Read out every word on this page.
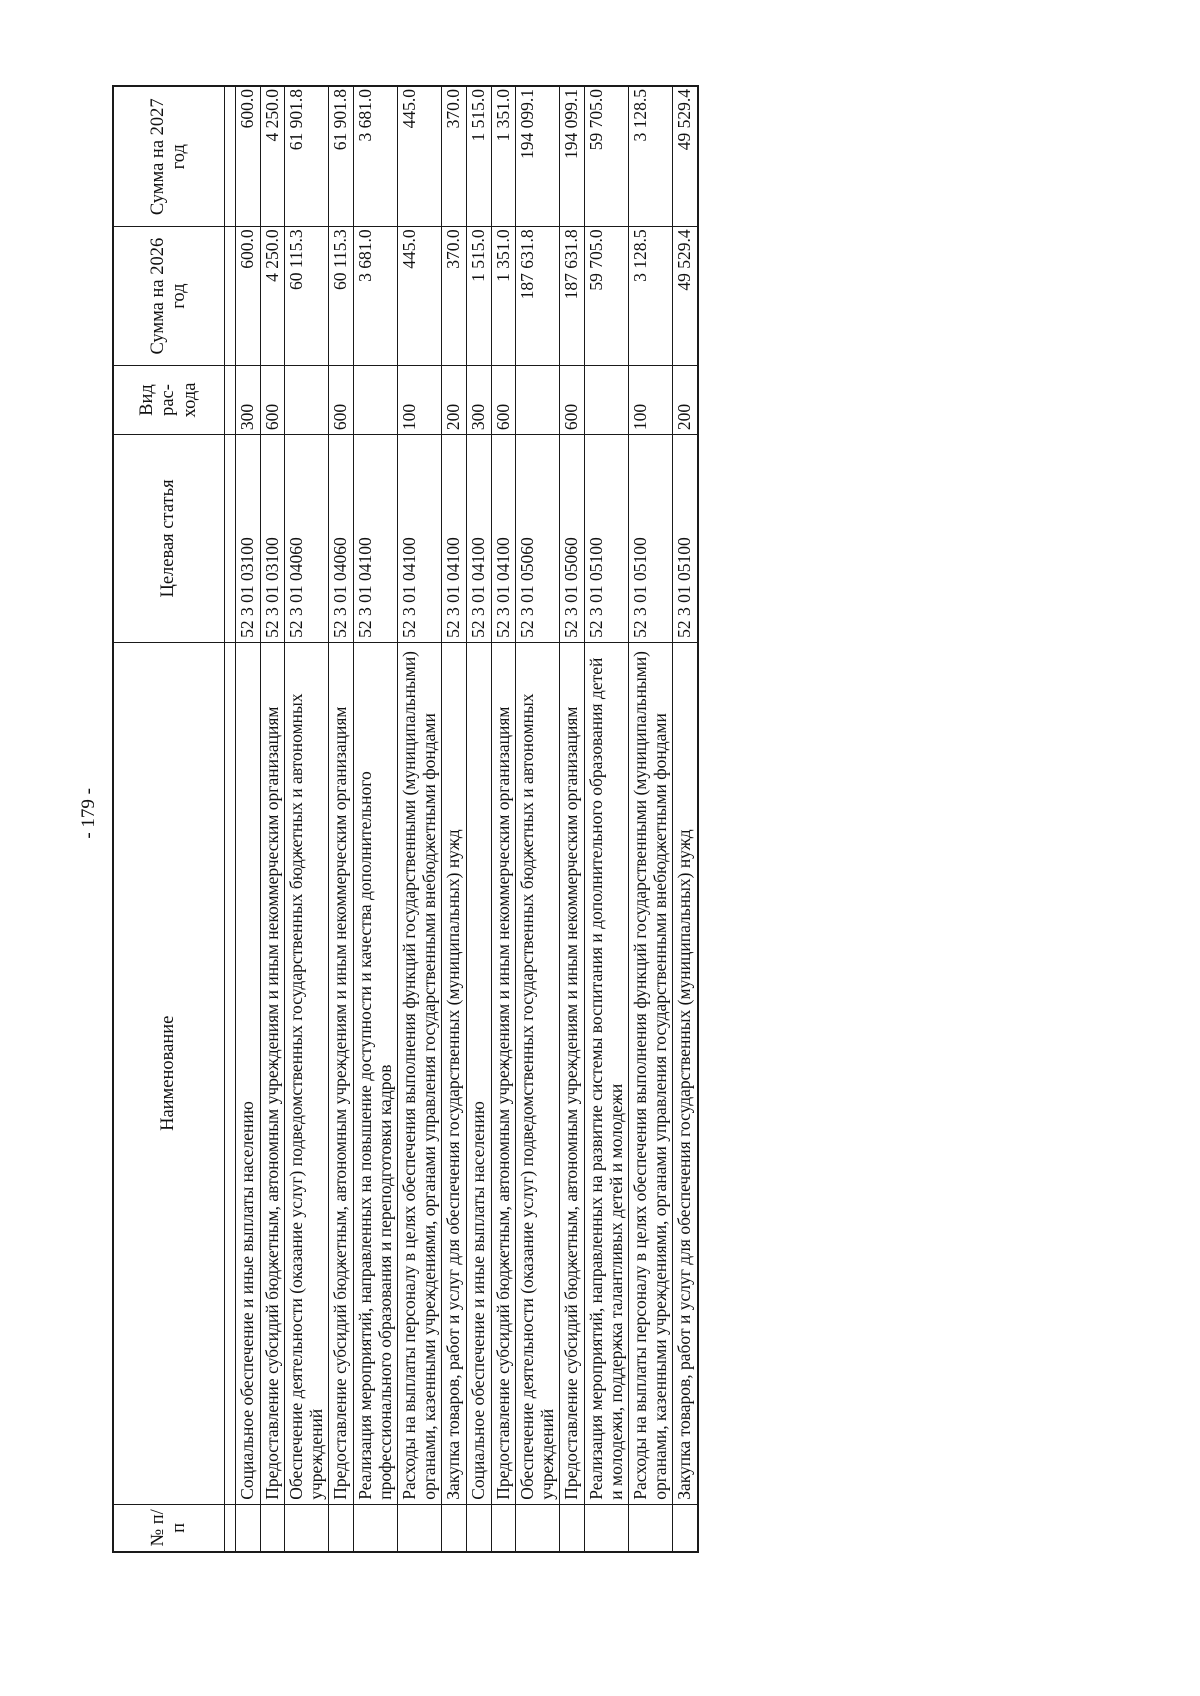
- 179 -
№ п/п	Наименование	Целевая статья	Вид рас-хода	Сумма на 2026 год	Сумма на 2027 год

	Социальное обеспечение и иные выплаты населению	52 3 01 03100	300	600.0	600.0
	Предоставление субсидий бюджетным, автономным учреждениям и иным некоммерческим организациям	52 3 01 03100	600	4 250.0	4 250.0
	Обеспечение деятельности (оказание услуг) подведомственных государственных бюджетных и автономных учреждений	52 3 01 04060		60 115.3	61 901.8
	Предоставление субсидий бюджетным, автономным учреждениям и иным некоммерческим организациям	52 3 01 04060	600	60 115.3	61 901.8
	Реализация мероприятий, направленных на повышение доступности и качества дополнительного профессионального образования и переподготовки кадров	52 3 01 04100		3 681.0	3 681.0
	Расходы на выплаты персоналу в целях обеспечения выполнения функций государственными (муниципальными) органами, казенными учреждениями, органами управления государственными внебюджетными фондами	52 3 01 04100	100	445.0	445.0
	Закупка товаров, работ и услуг для обеспечения государственных (муниципальных) нужд	52 3 01 04100	200	370.0	370.0
	Социальное обеспечение и иные выплаты населению	52 3 01 04100	300	1 515.0	1 515.0
	Предоставление субсидий бюджетным, автономным учреждениям и иным некоммерческим организациям	52 3 01 04100	600	1 351.0	1 351.0
	Обеспечение деятельности (оказание услуг) подведомственных государственных бюджетных и автономных учреждений	52 3 01 05060		187 631.8	194 099.1
	Предоставление субсидий бюджетным, автономным учреждениям и иным некоммерческим организациям	52 3 01 05060	600	187 631.8	194 099.1
	Реализация мероприятий, направленных на развитие системы воспитания и дополнительного образования детей и молодежи, поддержка талантливых детей и молодежи	52 3 01 05100		59 705.0	59 705.0
	Расходы на выплаты персоналу в целях обеспечения выполнения функций государственными (муниципальными) органами, казенными учреждениями, органами управления государственными внебюджетными фондами	52 3 01 05100	100	3 128.5	3 128.5
	Закупка товаров, работ и услуг для обеспечения государственных (муниципальных) нужд	52 3 01 05100	200	49 529.4	49 529.4
